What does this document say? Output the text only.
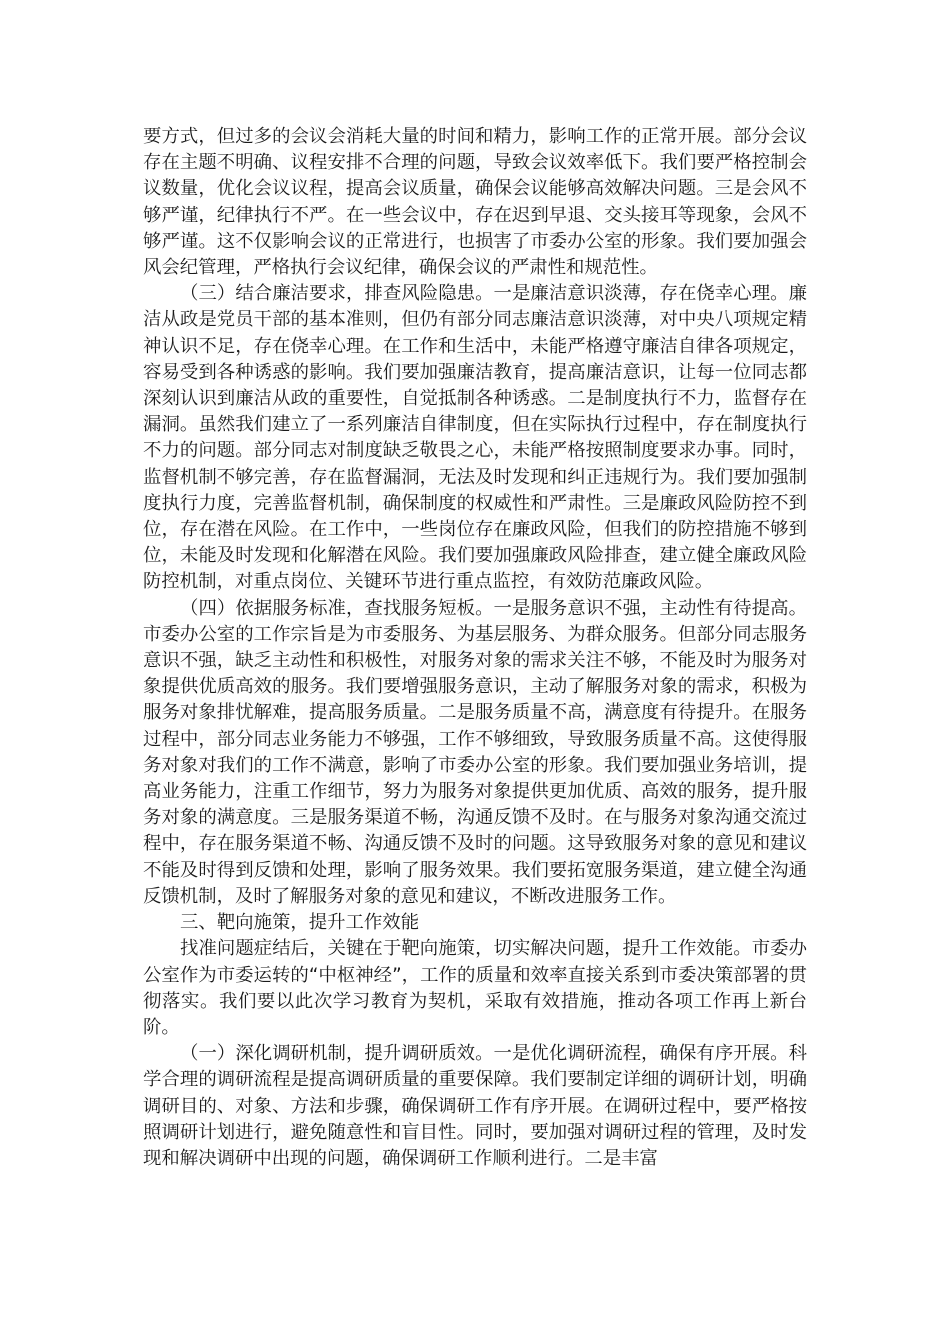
要方式，但过多的会议会消耗大量的时间和精力，影响工作的正常开展。部分会议存在主题不明确、议程安排不合理的问题，导致会议效率低下。我们要严格控制会议数量，优化会议议程，提高会议质量，确保会议能够高效解决问题。三是会风不够严谨，纪律执行不严。在一些会议中，存在迟到早退、交头接耳等现象，会风不够严谨。这不仅影响会议的正常进行，也损害了市委办公室的形象。我们要加强会风会纪管理，严格执行会议纪律，确保会议的严肃性和规范性。

（三）结合廉洁要求，排查风险隐患。一是廉洁意识淡薄，存在侥幸心理。廉洁从政是党员干部的基本准则，但仍有部分同志廉洁意识淡薄，对中央八项规定精神认识不足，存在侥幸心理。在工作和生活中，未能严格遵守廉洁自律各项规定，容易受到各种诱惑的影响。我们要加强廉洁教育，提高廉洁意识，让每一位同志都深刻认识到廉洁从政的重要性，自觉抵制各种诱惑。二是制度执行不力，监督存在漏洞。虽然我们建立了一系列廉洁自律制度，但在实际执行过程中，存在制度执行不力的问题。部分同志对制度缺乏敬畏之心，未能严格按照制度要求办事。同时，监督机制不够完善，存在监督漏洞，无法及时发现和纠正违规行为。我们要加强制度执行力度，完善监督机制，确保制度的权威性和严肃性。三是廉政风险防控不到位，存在潜在风险。在工作中，一些岗位存在廉政风险，但我们的防控措施不够到位，未能及时发现和化解潜在风险。我们要加强廉政风险排查，建立健全廉政风险防控机制，对重点岗位、关键环节进行重点监控，有效防范廉政风险。

（四）依据服务标准，查找服务短板。一是服务意识不强，主动性有待提高。市委办公室的工作宗旨是为市委服务、为基层服务、为群众服务。但部分同志服务意识不强，缺乏主动性和积极性，对服务对象的需求关注不够，不能及时为服务对象提供优质高效的服务。我们要增强服务意识，主动了解服务对象的需求，积极为服务对象排忧解难，提高服务质量。二是服务质量不高，满意度有待提升。在服务过程中，部分同志业务能力不够强，工作不够细致，导致服务质量不高。这使得服务对象对我们的工作不满意，影响了市委办公室的形象。我们要加强业务培训，提高业务能力，注重工作细节，努力为服务对象提供更加优质、高效的服务，提升服务对象的满意度。三是服务渠道不畅，沟通反馈不及时。在与服务对象沟通交流过程中，存在服务渠道不畅、沟通反馈不及时的问题。这导致服务对象的意见和建议不能及时得到反馈和处理，影响了服务效果。我们要拓宽服务渠道，建立健全沟通反馈机制，及时了解服务对象的意见和建议，不断改进服务工作。

三、靶向施策，提升工作效能

找准问题症结后，关键在于靶向施策，切实解决问题，提升工作效能。市委办公室作为市委运转的“中枢神经”，工作的质量和效率直接关系到市委决策部署的贯彻落实。我们要以此次学习教育为契机，采取有效措施，推动各项工作再上新台阶。

（一）深化调研机制，提升调研质效。一是优化调研流程，确保有序开展。科学合理的调研流程是提高调研质量的重要保障。我们要制定详细的调研计划，明确调研目的、对象、方法和步骤，确保调研工作有序开展。在调研过程中，要严格按照调研计划进行，避免随意性和盲目性。同时，要加强对调研过程的管理，及时发现和解决调研中出现的问题，确保调研工作顺利进行。二是丰富
